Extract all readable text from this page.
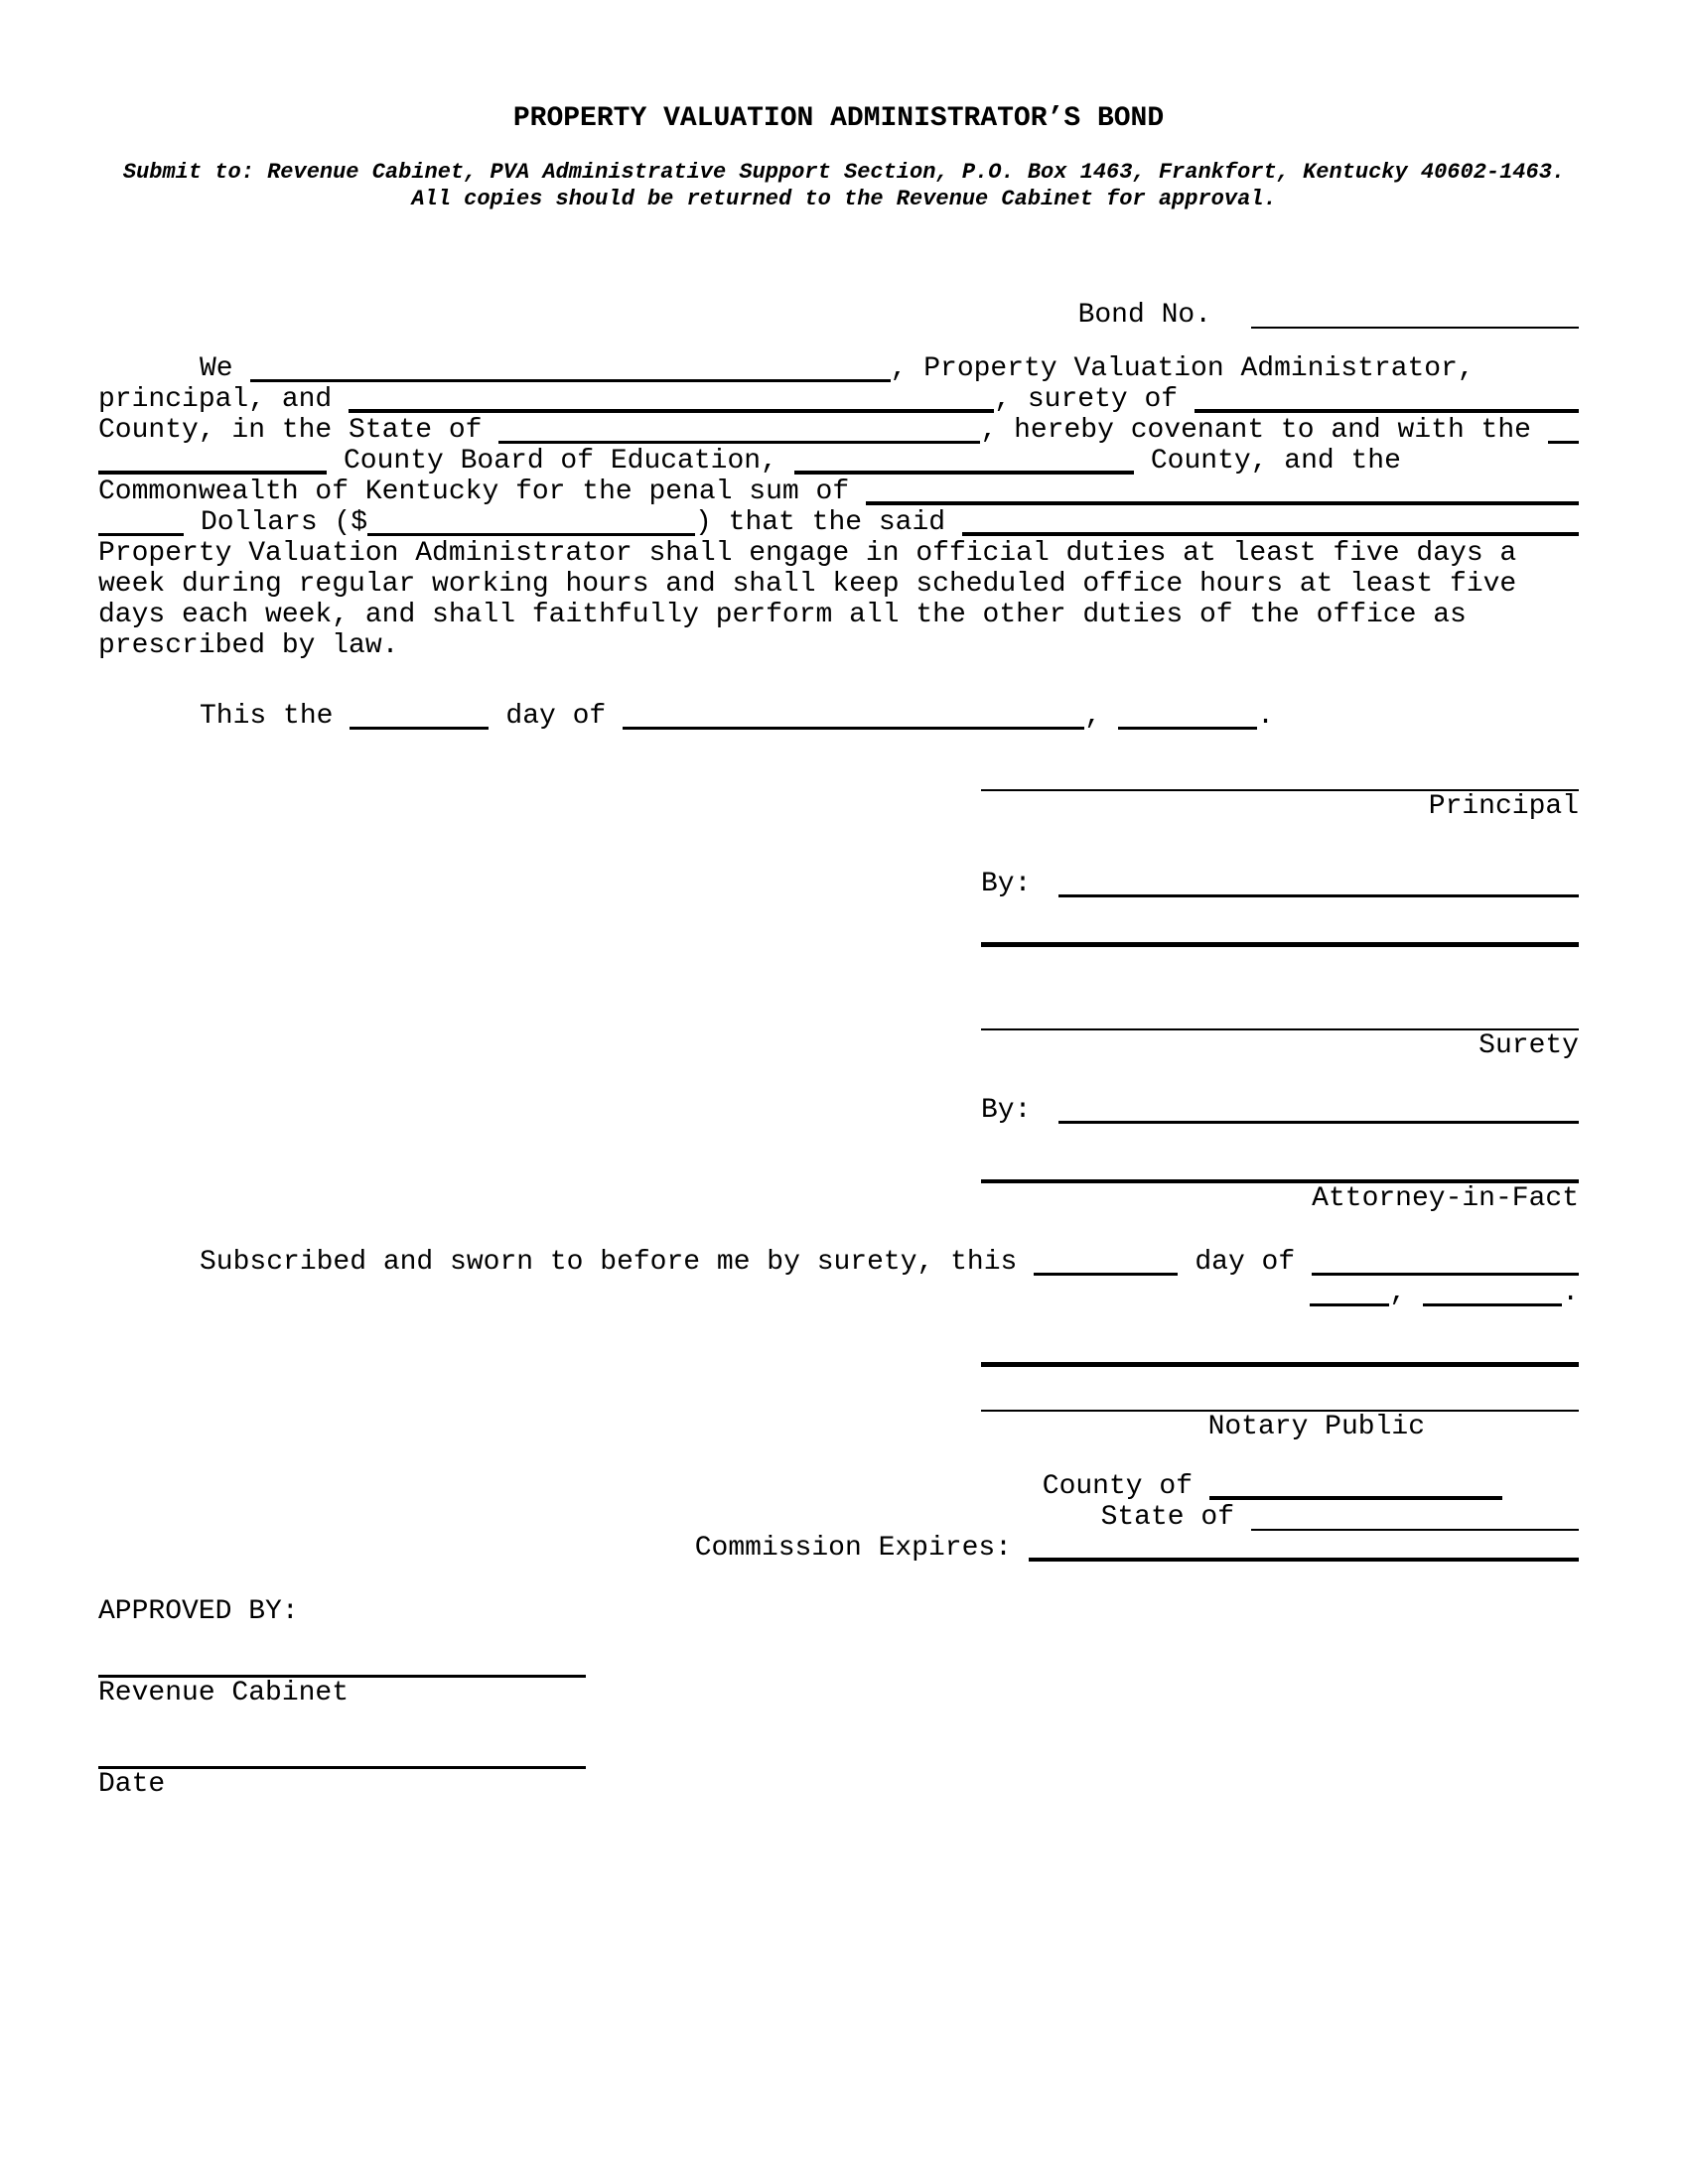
PROPERTY VALUATION ADMINISTRATOR’S BOND
Submit to: Revenue Cabinet, PVA Administrative Support Section, P.O. Box 1463, Frankfort, Kentucky 40602-1463.
All copies should be returned to the Revenue Cabinet for approval.
Bond No.
We	, Property Valuation Administrator,
principal, and	, surety of
County, in the State of	, hereby covenant to and with the
County Board of Education,	County, and the
Commonwealth of Kentucky for the penal sum of
Dollars ($	) that the said
Property Valuation Administrator shall engage in official duties at least five days a
week during regular working hours and shall keep scheduled office hours at least five
days each week, and shall faithfully perform all the other duties of the office as
prescribed by law.
This the	day of	,	.
Principal
By:
Surety
By:
Attorney-in-Fact
Subscribed and sworn to before me by surety, this	day of
,	.
Notary Public
County of
State of
Commission Expires:
APPROVED BY:
Revenue Cabinet
Date
